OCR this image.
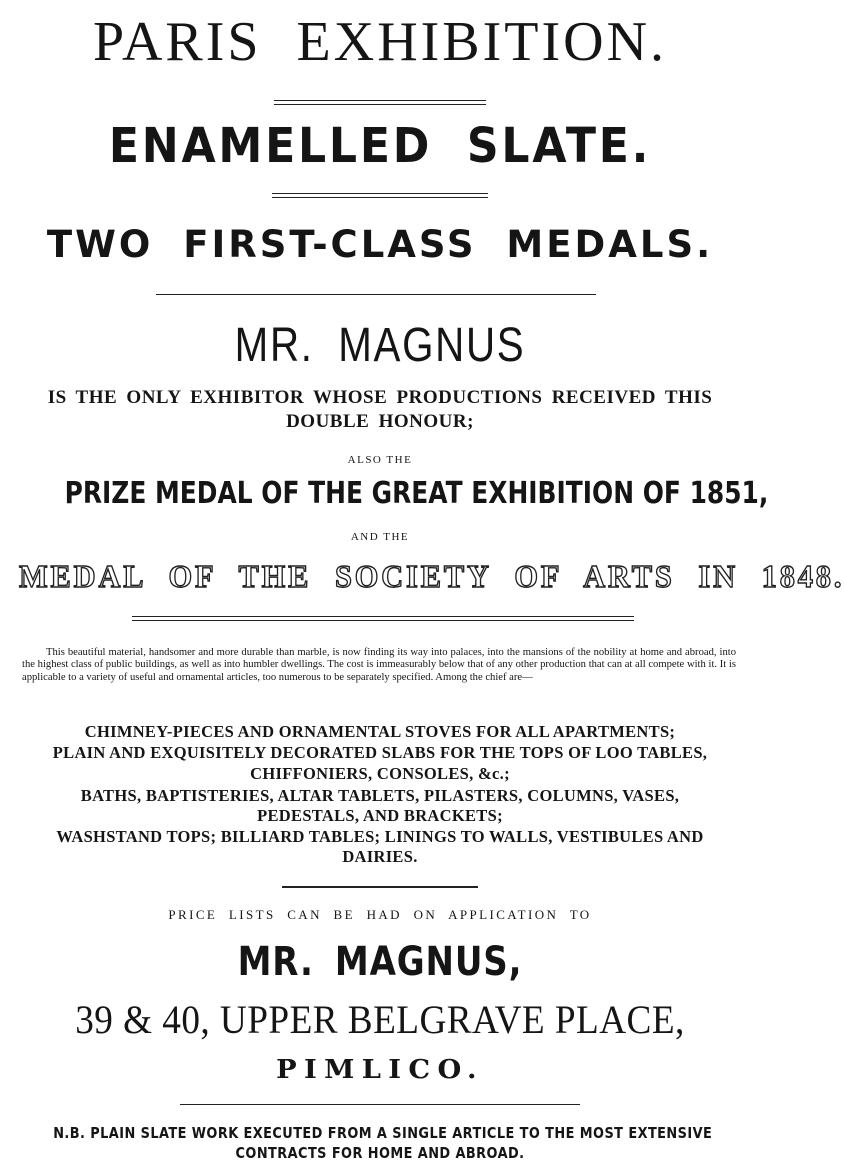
PARIS EXHIBITION.
ENAMELLED SLATE.
TWO FIRST-CLASS MEDALS.
MR. MAGNUS
IS THE ONLY EXHIBITOR WHOSE PRODUCTIONS RECEIVED THIS
DOUBLE HONOUR;
ALSO THE
PRIZE MEDAL OF THE GREAT EXHIBITION OF 1851,
AND THE
MEDAL OF THE SOCIETY OF ARTS IN 1848.
This beautiful material, handsomer and more durable than marble, is now finding its way into palaces, into the mansions of the nobility at home and abroad, into the highest class of public buildings, as well as into humbler dwellings. The cost is immeasurably below that of any other production that can at all compete with it. It is applicable to a variety of useful and ornamental articles, too numerous to be separately specified. Among the chief are—
CHIMNEY-PIECES AND ORNAMENTAL STOVES FOR ALL APARTMENTS;
PLAIN AND EXQUISITELY DECORATED SLABS FOR THE TOPS OF LOO TABLES,
CHIFFONIERS, CONSOLES, &c.;
BATHS, BAPTISTERIES, ALTAR TABLETS, PILASTERS, COLUMNS, VASES,
PEDESTALS, AND BRACKETS;
WASHSTAND TOPS; BILLIARD TABLES; LININGS TO WALLS, VESTIBULES AND
DAIRIES.
PRICE LISTS CAN BE HAD ON APPLICATION TO
MR. MAGNUS,
39 & 40, UPPER BELGRAVE PLACE,
PIMLICO.
N.B. PLAIN SLATE WORK EXECUTED FROM A SINGLE ARTICLE TO THE MOST EXTENSIVE
CONTRACTS FOR HOME AND ABROAD.
